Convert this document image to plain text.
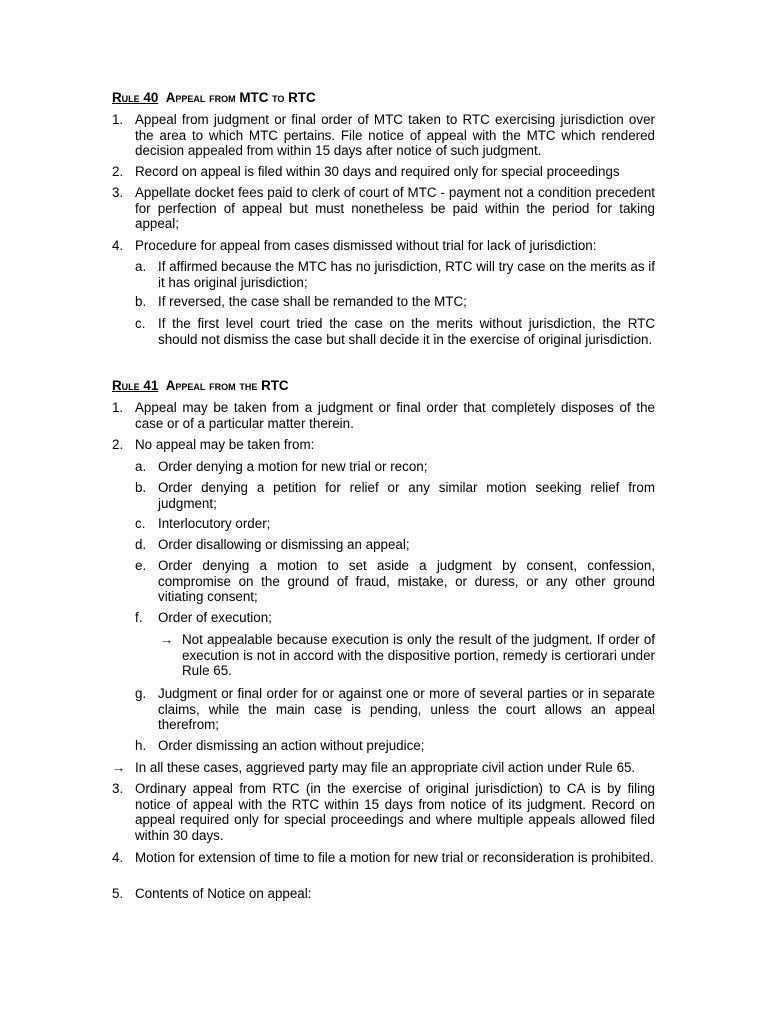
Rule 40 Appeal from MTC to RTC
1. Appeal from judgment or final order of MTC taken to RTC exercising jurisdiction over the area to which MTC pertains. File notice of appeal with the MTC which rendered decision appealed from within 15 days after notice of such judgment.
2. Record on appeal is filed within 30 days and required only for special proceedings
3. Appellate docket fees paid to clerk of court of MTC - payment not a condition precedent for perfection of appeal but must nonetheless be paid within the period for taking appeal;
4. Procedure for appeal from cases dismissed without trial for lack of jurisdiction:
a. If affirmed because the MTC has no jurisdiction, RTC will try case on the merits as if it has original jurisdiction;
b. If reversed, the case shall be remanded to the MTC;
c. If the first level court tried the case on the merits without jurisdiction, the RTC should not dismiss the case but shall decide it in the exercise of original jurisdiction.
Rule 41 Appeal from the RTC
1. Appeal may be taken from a judgment or final order that completely disposes of the case or of a particular matter therein.
2. No appeal may be taken from:
a. Order denying a motion for new trial or recon;
b. Order denying a petition for relief or any similar motion seeking relief from judgment;
c. Interlocutory order;
d. Order disallowing or dismissing an appeal;
e. Order denying a motion to set aside a judgment by consent, confession, compromise on the ground of fraud, mistake, or duress, or any other ground vitiating consent;
f. Order of execution;
→ Not appealable because execution is only the result of the judgment. If order of execution is not in accord with the dispositive portion, remedy is certiorari under Rule 65.
g. Judgment or final order for or against one or more of several parties or in separate claims, while the main case is pending, unless the court allows an appeal therefrom;
h. Order dismissing an action without prejudice;
→ In all these cases, aggrieved party may file an appropriate civil action under Rule 65.
3. Ordinary appeal from RTC (in the exercise of original jurisdiction) to CA is by filing notice of appeal with the RTC within 15 days from notice of its judgment. Record on appeal required only for special proceedings and where multiple appeals allowed filed within 30 days.
4. Motion for extension of time to file a motion for new trial or reconsideration is prohibited.
5. Contents of Notice on appeal:
